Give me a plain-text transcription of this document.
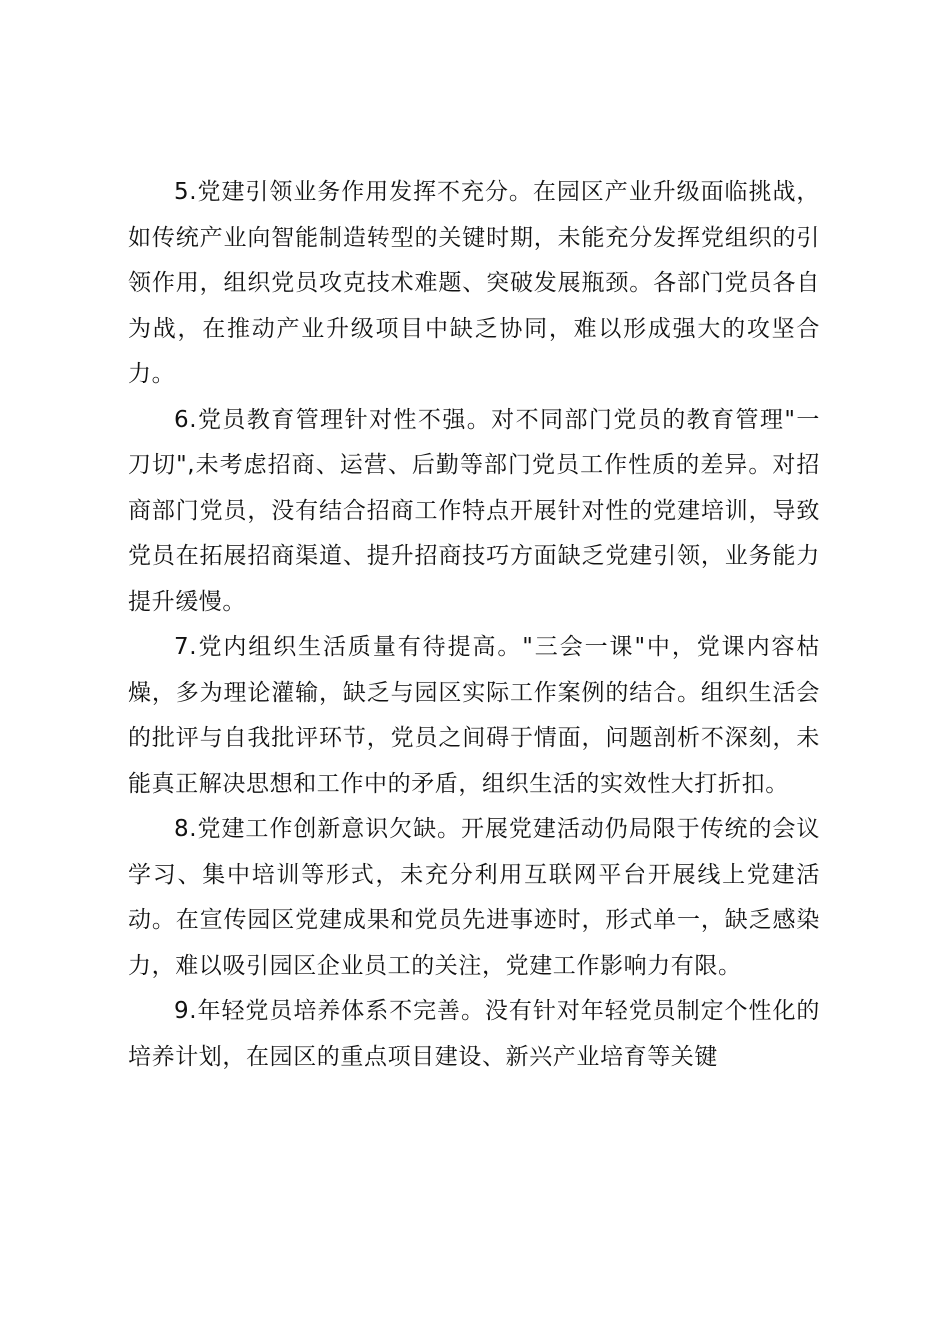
5.党建引领业务作用发挥不充分。在园区产业升级面临挑战，如传统产业向智能制造转型的关键时期，未能充分发挥党组织的引领作用，组织党员攻克技术难题、突破发展瓶颈。各部门党员各自为战，在推动产业升级项目中缺乏协同，难以形成强大的攻坚合力。

6.党员教育管理针对性不强。对不同部门党员的教育管理"一刀切",未考虑招商、运营、后勤等部门党员工作性质的差异。对招商部门党员，没有结合招商工作特点开展针对性的党建培训，导致党员在拓展招商渠道、提升招商技巧方面缺乏党建引领，业务能力提升缓慢。

7.党内组织生活质量有待提高。"三会一课"中，党课内容枯燥，多为理论灌输，缺乏与园区实际工作案例的结合。组织生活会的批评与自我批评环节，党员之间碍于情面，问题剖析不深刻，未能真正解决思想和工作中的矛盾，组织生活的实效性大打折扣。

8.党建工作创新意识欠缺。开展党建活动仍局限于传统的会议学习、集中培训等形式，未充分利用互联网平台开展线上党建活动。在宣传园区党建成果和党员先进事迹时，形式单一，缺乏感染力，难以吸引园区企业员工的关注，党建工作影响力有限。

9.年轻党员培养体系不完善。没有针对年轻党员制定个性化的培养计划，在园区的重点项目建设、新兴产业培育等关键
